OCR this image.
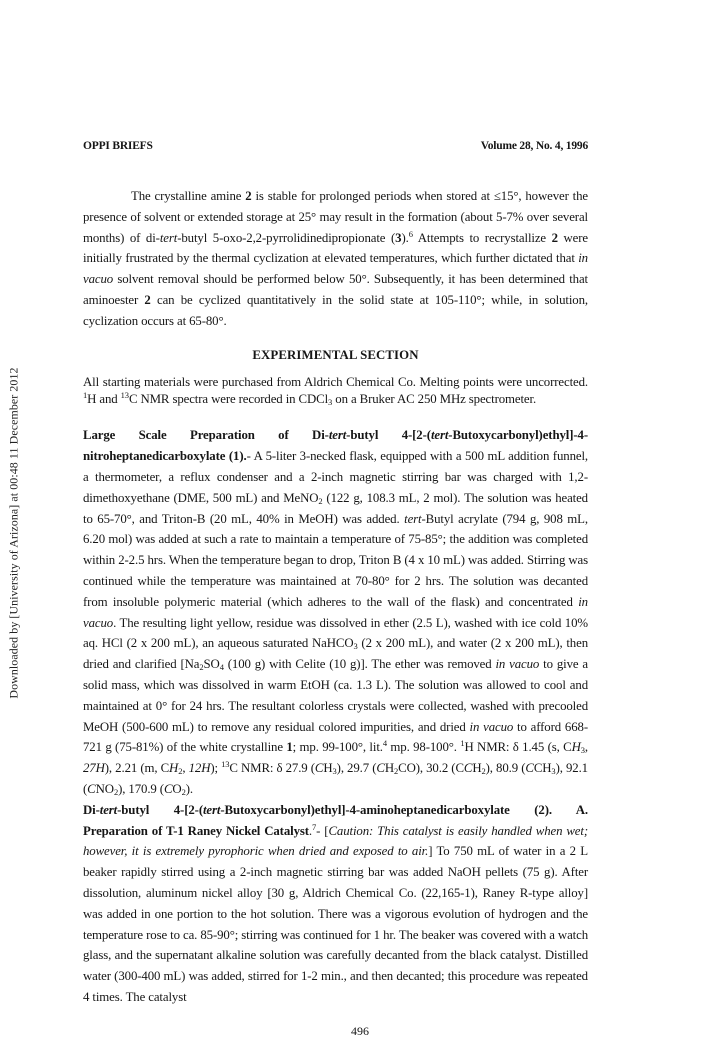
OPPI BRIEFS	Volume 28, No. 4, 1996
Downloaded by [University of Arizona] at 00:48 11 December 2012

The crystalline amine 2 is stable for prolonged periods when stored at ≤15°, however the presence of solvent or extended storage at 25° may result in the formation (about 5-7% over several months) of di-tert-butyl 5-oxo-2,2-pyrrolidinedipropionate (3).$^6$ Attempts to recrystallize 2 were initially frustrated by the thermal cyclization at elevated temperatures, which further dictated that in vacuo solvent removal should be performed below 50°. Subsequently, it has been determined that aminoester 2 can be cyclized quantitatively in the solid state at 105-110°; while, in solution, cyclization occurs at 65-80°.

EXPERIMENTAL SECTION

All starting materials were purchased from Aldrich Chemical Co. Melting points were uncorrected. $^1$H and $^{13}$C NMR spectra were recorded in CDCl$_3$ on a Bruker AC 250 MHz spectrometer.

Large Scale Preparation of Di-tert-butyl 4-[2-(tert-Butoxycarbonyl)ethyl]-4-nitroheptanedicarboxylate (1).- A 5-liter 3-necked flask, equipped with a 500 mL addition funnel, a thermometer, a reflux condenser and a 2-inch magnetic stirring bar was charged with 1,2-dimethoxyethane (DME, 500 mL) and MeNO$_2$ (122 g, 108.3 mL, 2 mol). The solution was heated to 65-70°, and Triton-B (20 mL, 40% in MeOH) was added. tert-Butyl acrylate (794 g, 908 mL, 6.20 mol) was added at such a rate to maintain a temperature of 75-85°; the addition was completed within 2-2.5 hrs. When the temperature began to drop, Triton B (4 x 10 mL) was added. Stirring was continued while the temperature was maintained at 70-80° for 2 hrs. The solution was decanted from insoluble polymeric material (which adheres to the wall of the flask) and concentrated in vacuo. The resulting light yellow, residue was dissolved in ether (2.5 L), washed with ice cold 10% aq. HCl (2 x 200 mL), an aqueous saturated NaHCO$_3$ (2 x 200 mL), and water (2 x 200 mL), then dried and clarified [$Na_2SO_4$ (100 g) with Celite (10 g)]. The ether was removed in vacuo to give a solid mass, which was dissolved in warm EtOH (ca. 1.3 L). The solution was allowed to cool and maintained at 0° for 24 hrs. The resultant colorless crystals were collected, washed with precooled MeOH (500-600 mL) to remove any residual colored impurities, and dried in vacuo to afford 668-721 g (75-81%) of the white crystalline 1; mp. 99-100°, lit.$^4$ mp. 98-100°. $^1$H NMR: δ 1.45 (s, $CH_3$, 27H), 2.21 (m, $CH_2$, 12H); $^{13}$C NMR: δ 27.9 $(CH_3)$, 29.7 $(CH_2CO)$, 30.2 $(CCH_2)$, 80.9 $(CCH_3)$, 92.1 $(CNO_2)$, 170.9 $(CO_2)$.

Di-tert-butyl 4-[2-(tert-Butoxycarbonyl)ethyl]-4-aminoheptanedicarboxylate (2). A. Preparation of T-1 Raney Nickel Catalyst.$^7$- [Caution: This catalyst is easily handled when wet; however, it is extremely pyrophoric when dried and exposed to air.] To 750 mL of water in a 2 L beaker rapidly stirred using a 2-inch magnetic stirring bar was added NaOH pellets (75 g). After dissolution, aluminum nickel alloy [30 g, Aldrich Chemical Co. (22,165-1), Raney R-type alloy] was added in one portion to the hot solution. There was a vigorous evolution of hydrogen and the temperature rose to ca. 85-90°; stirring was continued for 1 hr. The beaker was covered with a watch glass, and the supernatant alkaline solution was carefully decanted from the black catalyst. Distilled water (300-400 mL) was added, stirred for 1-2 min., and then decanted; this procedure was repeated 4 times. The catalyst

496
